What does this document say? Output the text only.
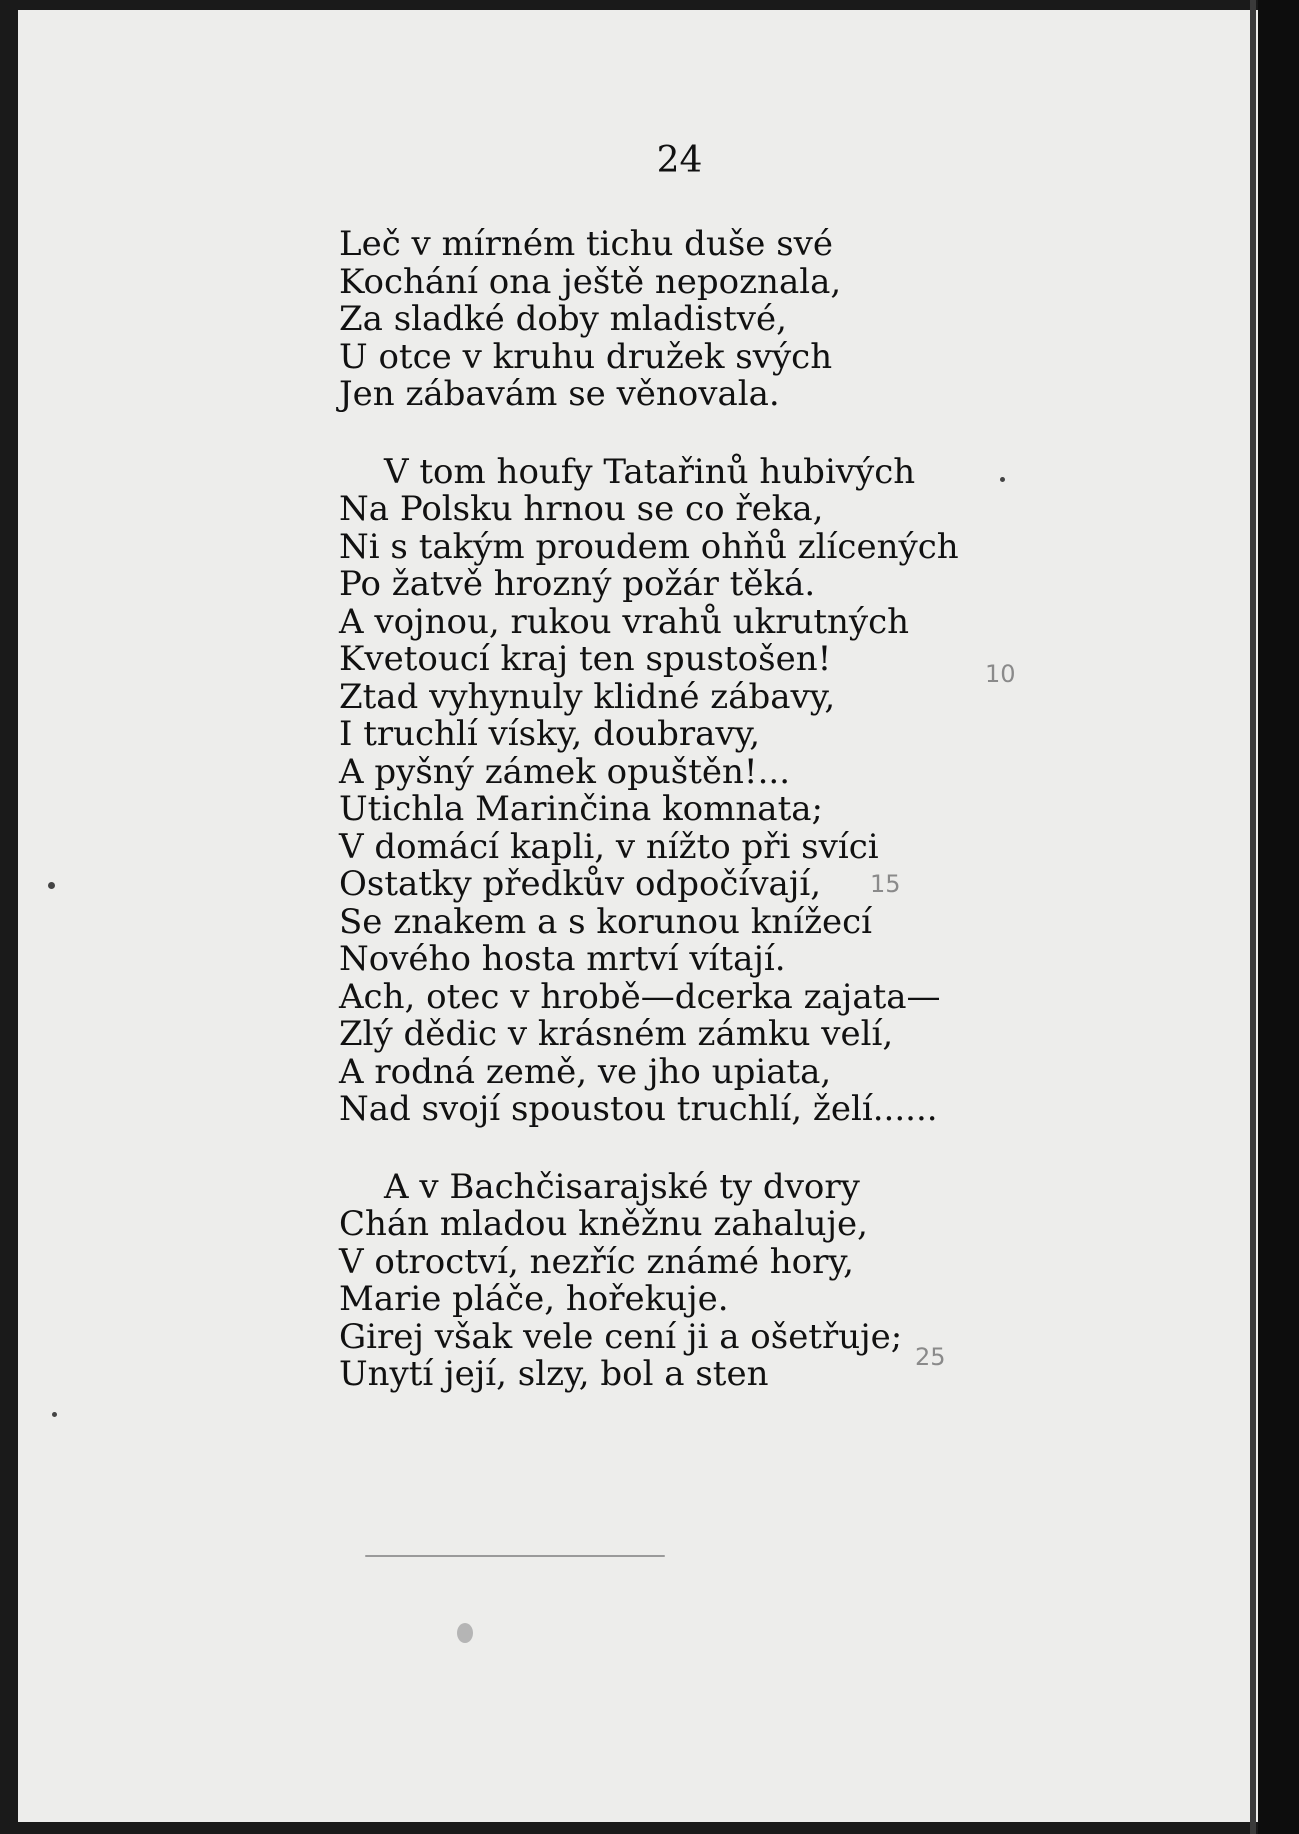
24
Leč v mírném tichu duše své
Kochání ona ještě nepoznala,
Za sladké doby mladistvé,
U otce v kruhu družek svých
Jen zábavám se věnovala.
V tom houfy Tatařinů hubivých
Na Polsku hrnou se co řeka,
Ni s takým proudem ohňů zlícených
Po žatvě hrozný požár těká.
A vojnou, rukou vrahů ukrutných
Kvetoucí kraj ten spustošen!
Ztad vyhynuly klidné zábavy,
I truchlí vísky, doubravy,
A pyšný zámek opuštěn!...
Utichla Marinčina komnata;
V domácí kapli, v nížto při svíci
Ostatky předkův odpočívají,
Se znakem a s korunou knížecí
Nového hosta mrtví vítají.
Ach, otec v hrobě—dcerka zajata—
Zlý dědic v krásném zámku velí,
A rodná země, ve jho upiata,
Nad svojí spoustou truchlí, želí......
A v Bachčisarajské ty dvory
Chán mladou kněžnu zahaluje,
V otroctví, nezříc známé hory,
Marie pláče, hořekuje.
Girej však vele cení ji a ošetřuje;
Unytí její, slzy, bol a sten
10
15
25
